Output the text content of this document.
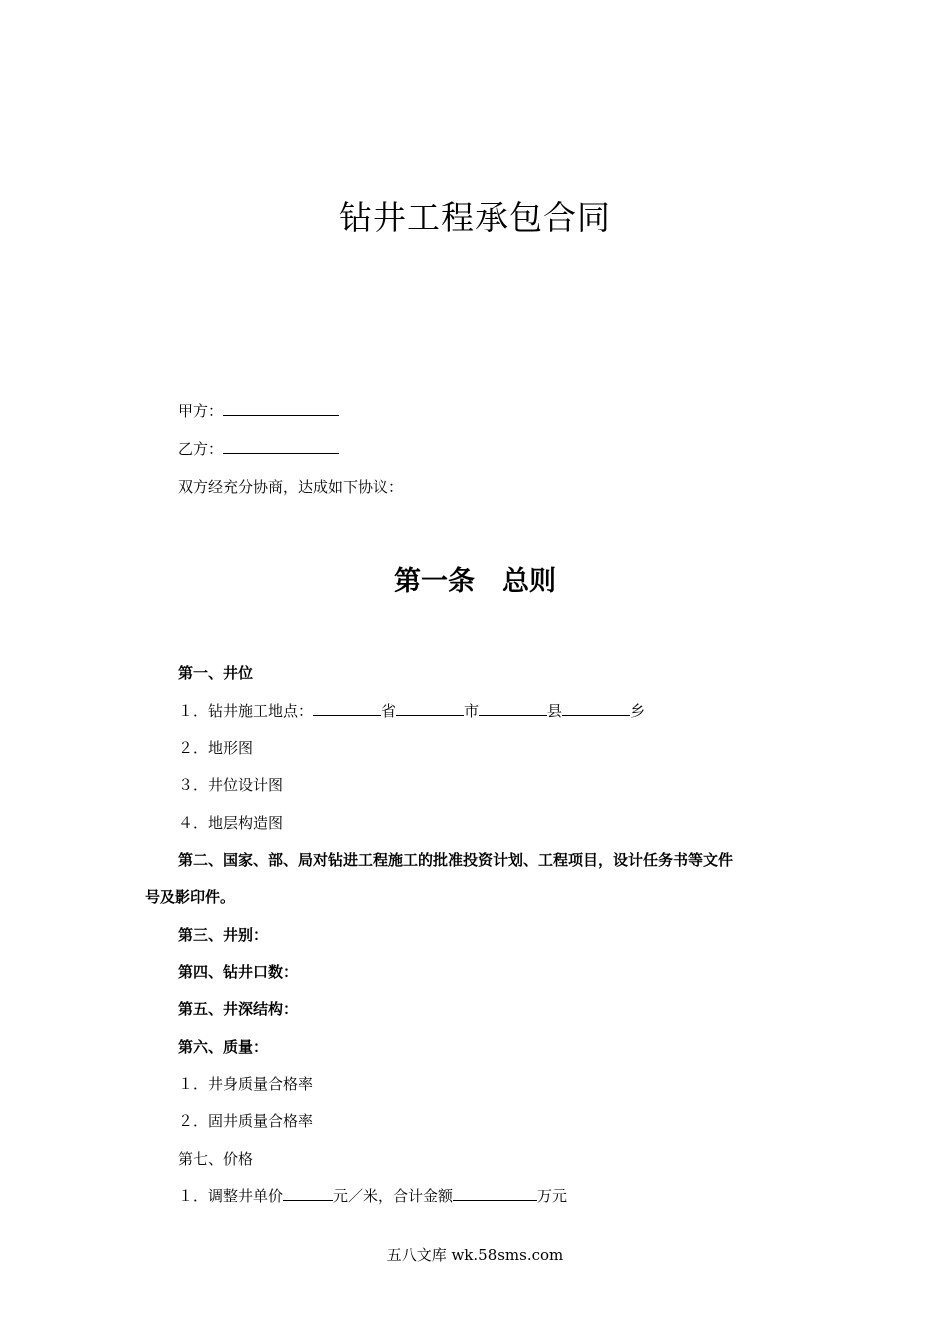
钻井工程承包合同
甲方：
乙方：
双方经充分协商，达成如下协议：
第一条　总则
第一、井位
１．钻井施工地点：	省	市	县	乡
２．地形图
３．井位设计图
４．地层构造图
第二、国家、部、局对钻进工程施工的批准投资计划、工程项目，设计任务书等文件
号及影印件。
第三、井别：
第四、钻井口数：
第五、井深结构：
第六、质量：
１．井身质量合格率
２．固井质量合格率
第七、价格
１．调整井单价	元／米，合计金额	万元
五八文库 wk.58sms.com
